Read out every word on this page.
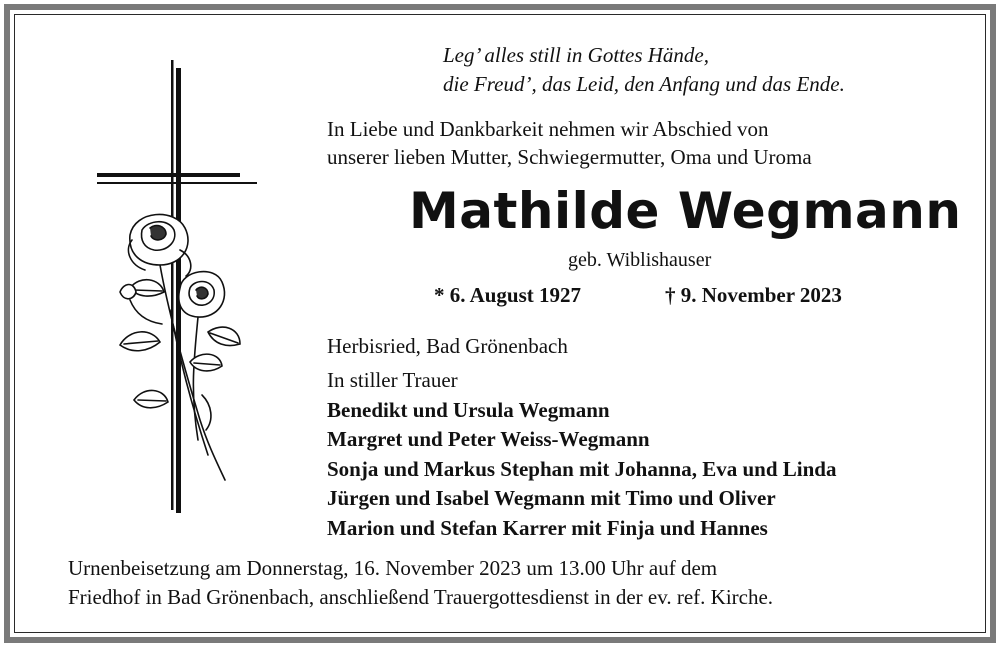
Leg’ alles still in Gottes Hände,
die Freud’, das Leid, den Anfang und das Ende.
In Liebe und Dankbarkeit nehmen wir Abschied von
unserer lieben Mutter, Schwiegermutter, Oma und Uroma
Mathilde Wegmann
geb. Wiblishauser
* 6. August 1927	† 9. November 2023
Herbisried, Bad Grönenbach
In stiller Trauer
Benedikt und Ursula Wegmann
Margret und Peter Weiss-Wegmann
Sonja und Markus Stephan mit Johanna, Eva und Linda
Jürgen und Isabel Wegmann mit Timo und Oliver
Marion und Stefan Karrer mit Finja und Hannes
Urnenbeisetzung am Donnerstag, 16. November 2023 um 13.00 Uhr auf dem
Friedhof in Bad Grönenbach, anschließend Trauergottesdienst in der ev. ref. Kirche.
